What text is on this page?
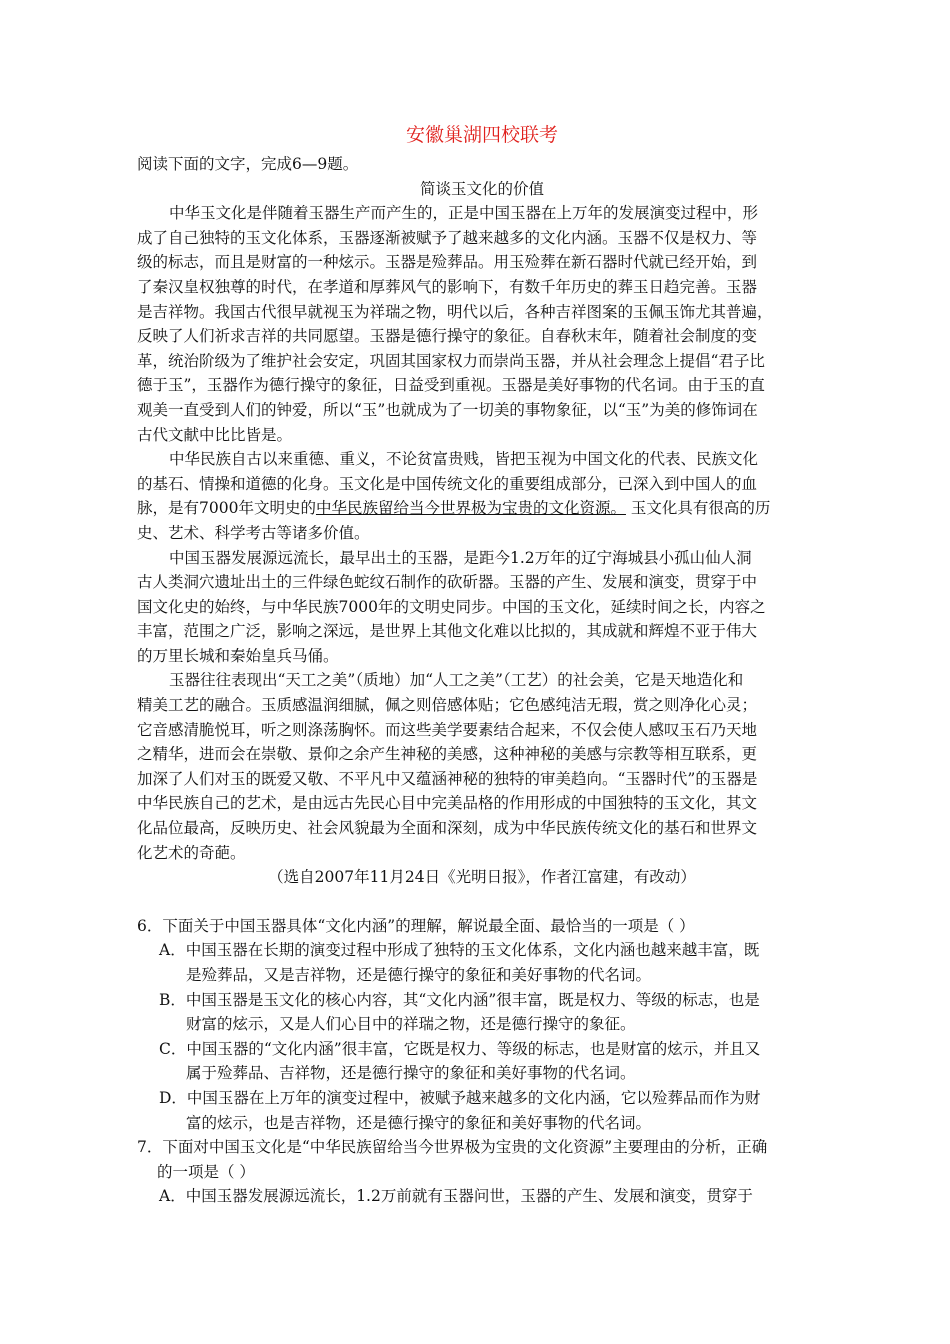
安徽巢湖四校联考

阅读下面的文字，完成6—9题。

简谈玉文化的价值

中华玉文化是伴随着玉器生产而产生的，正是中国玉器在上万年的发展演变过程中，形

成了自己独特的玉文化体系，玉器逐渐被赋予了越来越多的文化内涵。玉器不仅是权力、等

级的标志，而且是财富的一种炫示。玉器是殓葬品。用玉殓葬在新石器时代就已经开始，到

了秦汉皇权独尊的时代，在孝道和厚葬风气的影响下，有数千年历史的葬玉日趋完善。玉器

是吉祥物。我国古代很早就视玉为祥瑞之物，明代以后，各种吉祥图案的玉佩玉饰尤其普遍，

反映了人们祈求吉祥的共同愿望。玉器是德行操守的象征。自春秋末年，随着社会制度的变

革，统治阶级为了维护社会安定，巩固其国家权力而崇尚玉器，并从社会理念上提倡“君子比

德于玉”，玉器作为德行操守的象征，日益受到重视。玉器是美好事物的代名词。由于玉的直

观美一直受到人们的钟爱，所以“玉”也就成为了一切美的事物象征，以“玉”为美的修饰词在

古代文献中比比皆是。

中华民族自古以来重德、重义，不论贫富贵贱，皆把玉视为中国文化的代表、民族文化

的基石、情操和道德的化身。玉文化是中国传统文化的重要组成部分，已深入到中国人的血

脉，是有7000年文明史的中华民族留给当今世界极为宝贵的文化资源。 玉文化具有很高的历

史、艺术、科学考古等诸多价值。

中国玉器发展源远流长，最早出土的玉器，是距今1.2万年的辽宁海城县小孤山仙人洞

古人类洞穴遗址出土的三件绿色蛇纹石制作的砍斫器。玉器的产生、发展和演变，贯穿于中

国文化史的始终，与中华民族7000年的文明史同步。中国的玉文化，延续时间之长，内容之

丰富，范围之广泛，影响之深远，是世界上其他文化难以比拟的，其成就和辉煌不亚于伟大

的万里长城和秦始皇兵马俑。

玉器往往表现出“天工之美”（质地）加“人工之美”（工艺）的社会美，它是天地造化和

精美工艺的融合。玉质感温润细腻，佩之则倍感体贴；它色感纯洁无瑕，赏之则净化心灵；

它音感清脆悦耳，听之则涤荡胸怀。而这些美学要素结合起来，不仅会使人感叹玉石乃天地

之精华，进而会在崇敬、景仰之余产生神秘的美感，这种神秘的美感与宗教等相互联系，更

加深了人们对玉的既爱又敬、不平凡中又蕴涵神秘的独特的审美趋向。“玉器时代”的玉器是

中华民族自己的艺术，是由远古先民心目中完美品格的作用形成的中国独特的玉文化，其文

化品位最高，反映历史、社会风貌最为全面和深刻，成为中华民族传统文化的基石和世界文

化艺术的奇葩。

（选自2007年11月24日《光明日报》，作者江富建，有改动）

6．下面关于中国玉器具体“文化内涵”的理解，解说最全面、最恰当的一项是（ ）

A．中国玉器在长期的演变过程中形成了独特的玉文化体系，文化内涵也越来越丰富，既

是殓葬品，又是吉祥物，还是德行操守的象征和美好事物的代名词。

B．中国玉器是玉文化的核心内容，其“文化内涵”很丰富，既是权力、等级的标志，也是

财富的炫示，又是人们心目中的祥瑞之物，还是德行操守的象征。

C．中国玉器的“文化内涵”很丰富，它既是权力、等级的标志，也是财富的炫示，并且又

属于殓葬品、吉祥物，还是德行操守的象征和美好事物的代名词。

D．中国玉器在上万年的演变过程中，被赋予越来越多的文化内涵，它以殓葬品而作为财

富的炫示，也是吉祥物，还是德行操守的象征和美好事物的代名词。

7．下面对中国玉文化是“中华民族留给当今世界极为宝贵的文化资源”主要理由的分析，正确

的一项是（ ）

A．中国玉器发展源远流长，1.2万前就有玉器问世，玉器的产生、发展和演变，贯穿于
